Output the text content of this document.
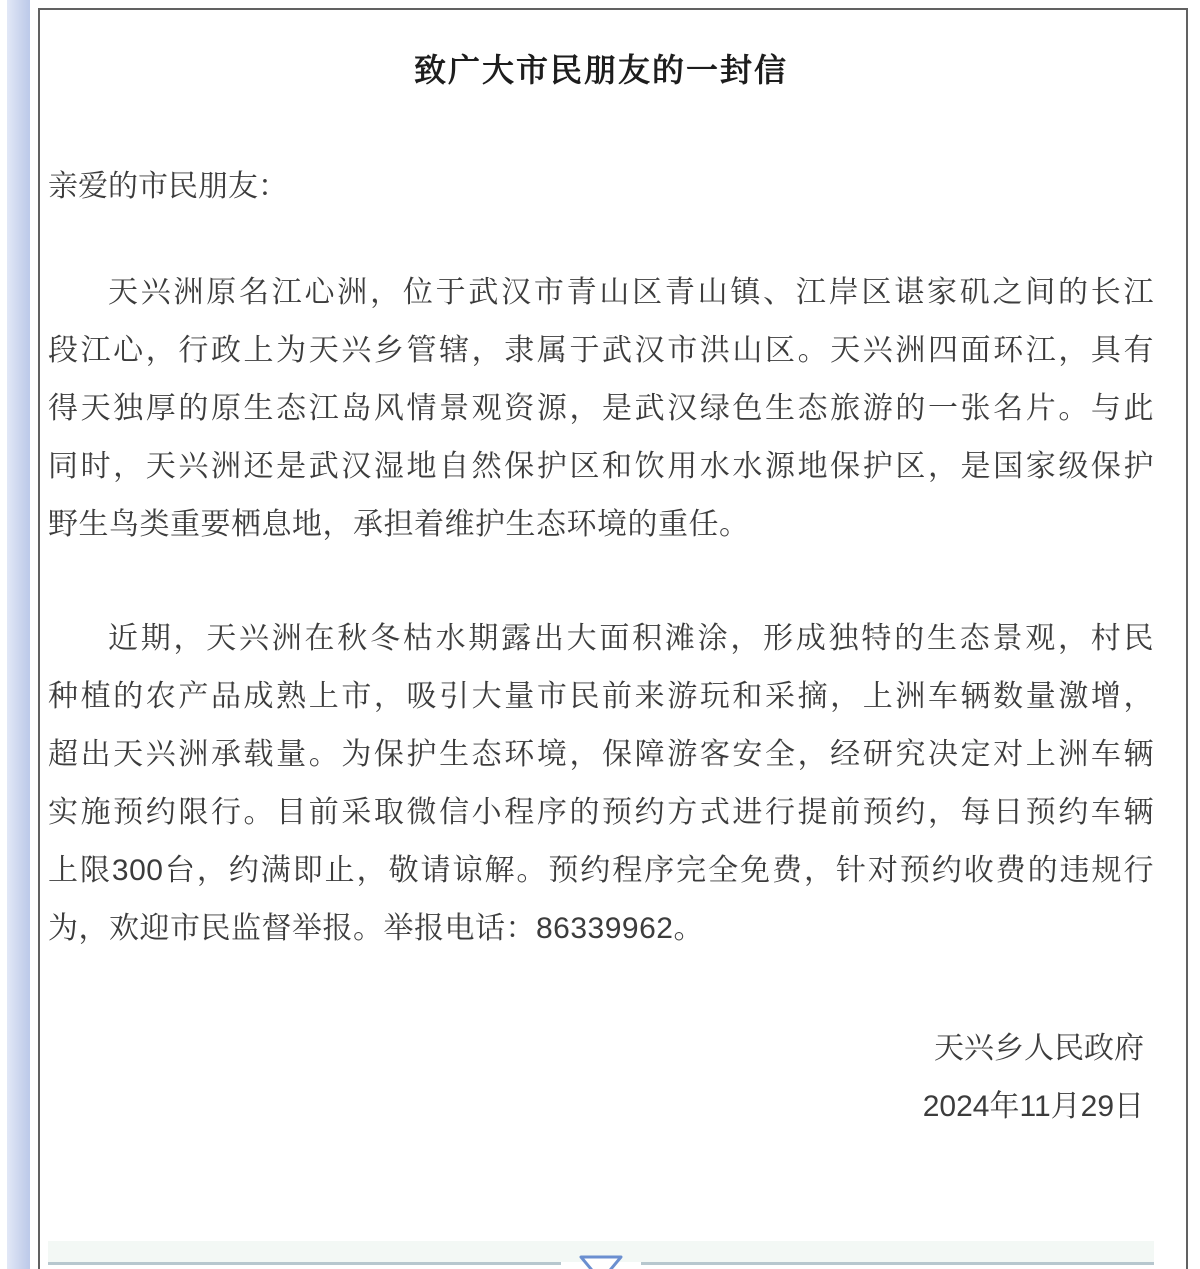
致广大市民朋友的一封信
亲爱的市民朋友：
天兴洲原名江心洲，位于武汉市青山区青山镇、江岸区谌家矶之间的长江
段江心，行政上为天兴乡管辖，隶属于武汉市洪山区。天兴洲四面环江，具有
得天独厚的原生态江岛风情景观资源，是武汉绿色生态旅游的一张名片。与此
同时，天兴洲还是武汉湿地自然保护区和饮用水水源地保护区，是国家级保护
野生鸟类重要栖息地，承担着维护生态环境的重任。
近期，天兴洲在秋冬枯水期露出大面积滩涂，形成独特的生态景观，村民
种植的农产品成熟上市，吸引大量市民前来游玩和采摘，上洲车辆数量激增，
超出天兴洲承载量。为保护生态环境，保障游客安全，经研究决定对上洲车辆
实施预约限行。目前采取微信小程序的预约方式进行提前预约，每日预约车辆
上限300台，约满即止，敬请谅解。预约程序完全免费，针对预约收费的违规行
为，欢迎市民监督举报。举报电话：86339962。
天兴乡人民政府
2024年11月29日
